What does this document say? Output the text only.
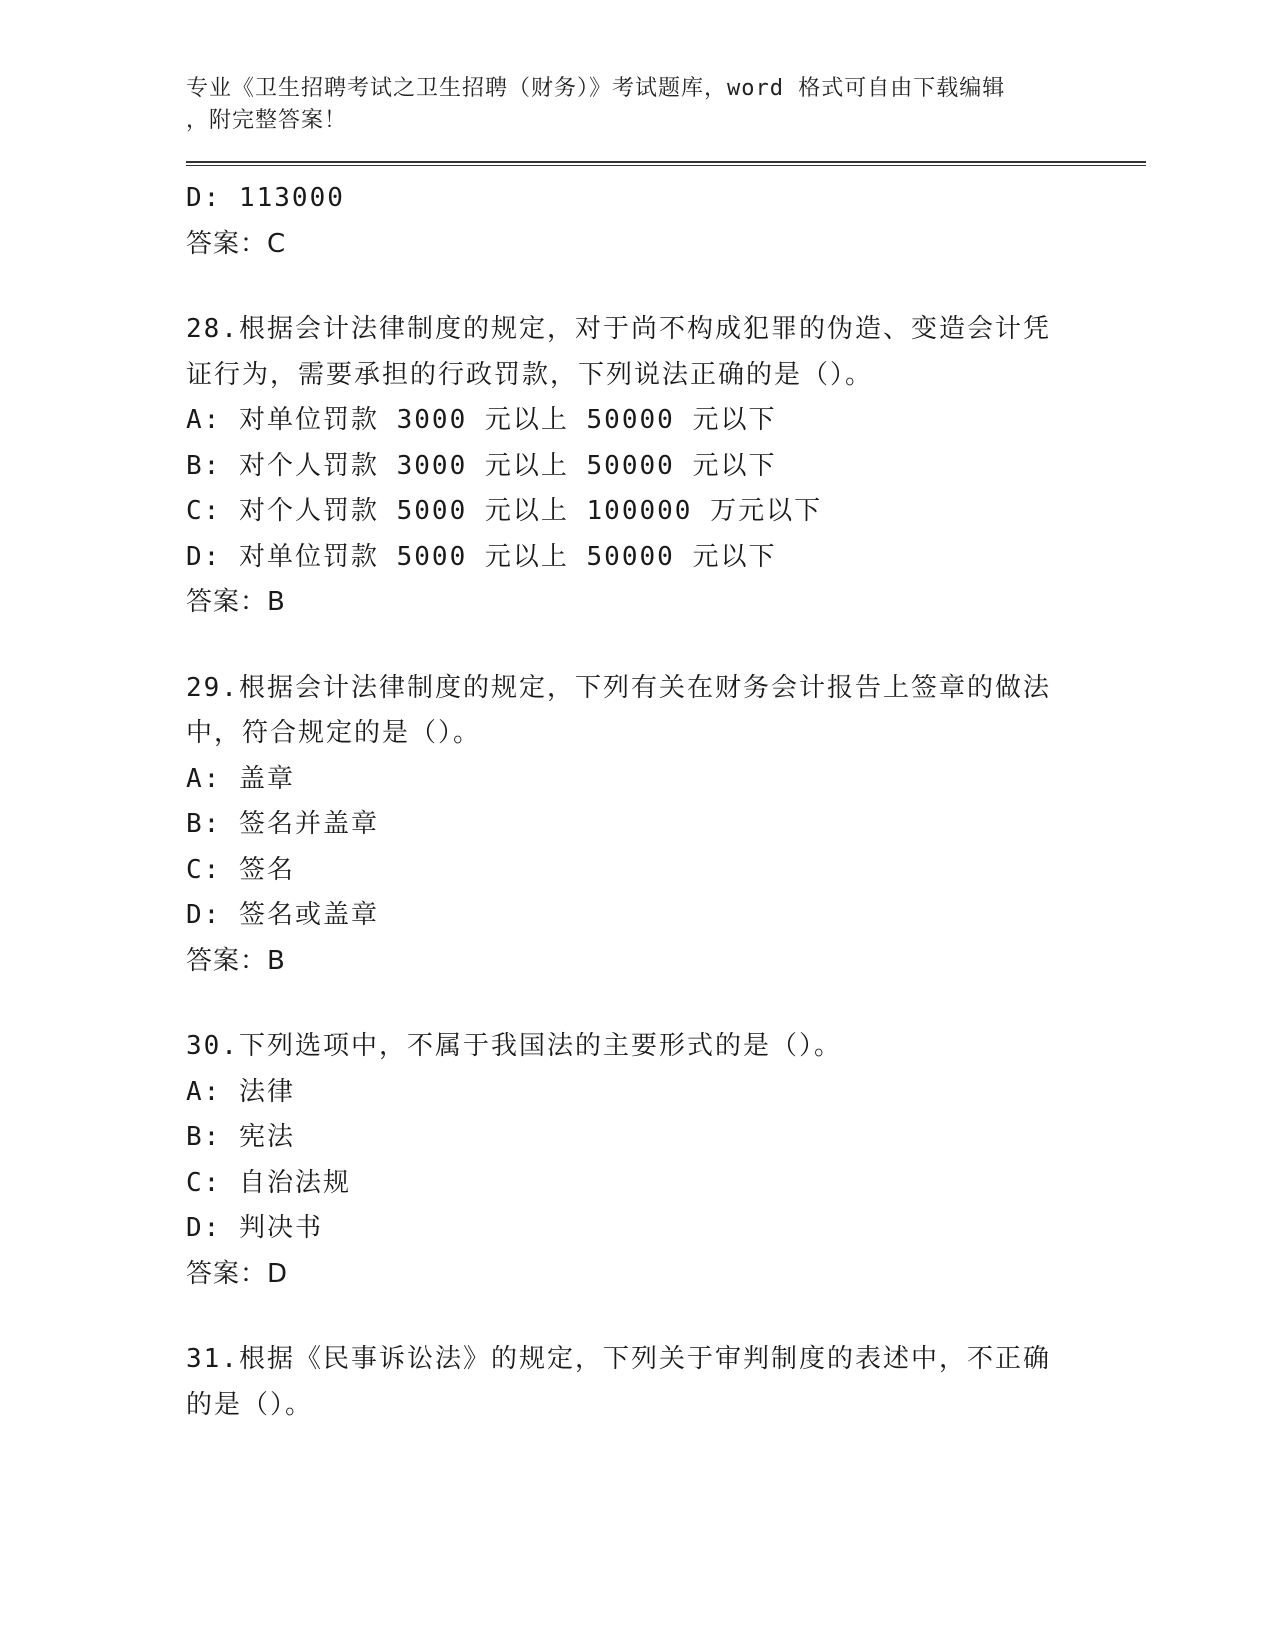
专业《卫生招聘考试之卫生招聘（财务）》考试题库，word 格式可自由下载编辑
，附完整答案！
D: 113000
答案：C
28.根据会计法律制度的规定，对于尚不构成犯罪的伪造、变造会计凭
证行为，需要承担的行政罚款，下列说法正确的是（）。
A: 对单位罚款 3000 元以上 50000 元以下
B: 对个人罚款 3000 元以上 50000 元以下
C: 对个人罚款 5000 元以上 100000 万元以下
D: 对单位罚款 5000 元以上 50000 元以下
答案：B
29.根据会计法律制度的规定，下列有关在财务会计报告上签章的做法
中，符合规定的是（）。
A: 盖章
B: 签名并盖章
C: 签名
D: 签名或盖章
答案：B
30.下列选项中，不属于我国法的主要形式的是（）。
A: 法律
B: 宪法
C: 自治法规
D: 判决书
答案：D
31.根据《民事诉讼法》的规定，下列关于审判制度的表述中，不正确
的是（）。
